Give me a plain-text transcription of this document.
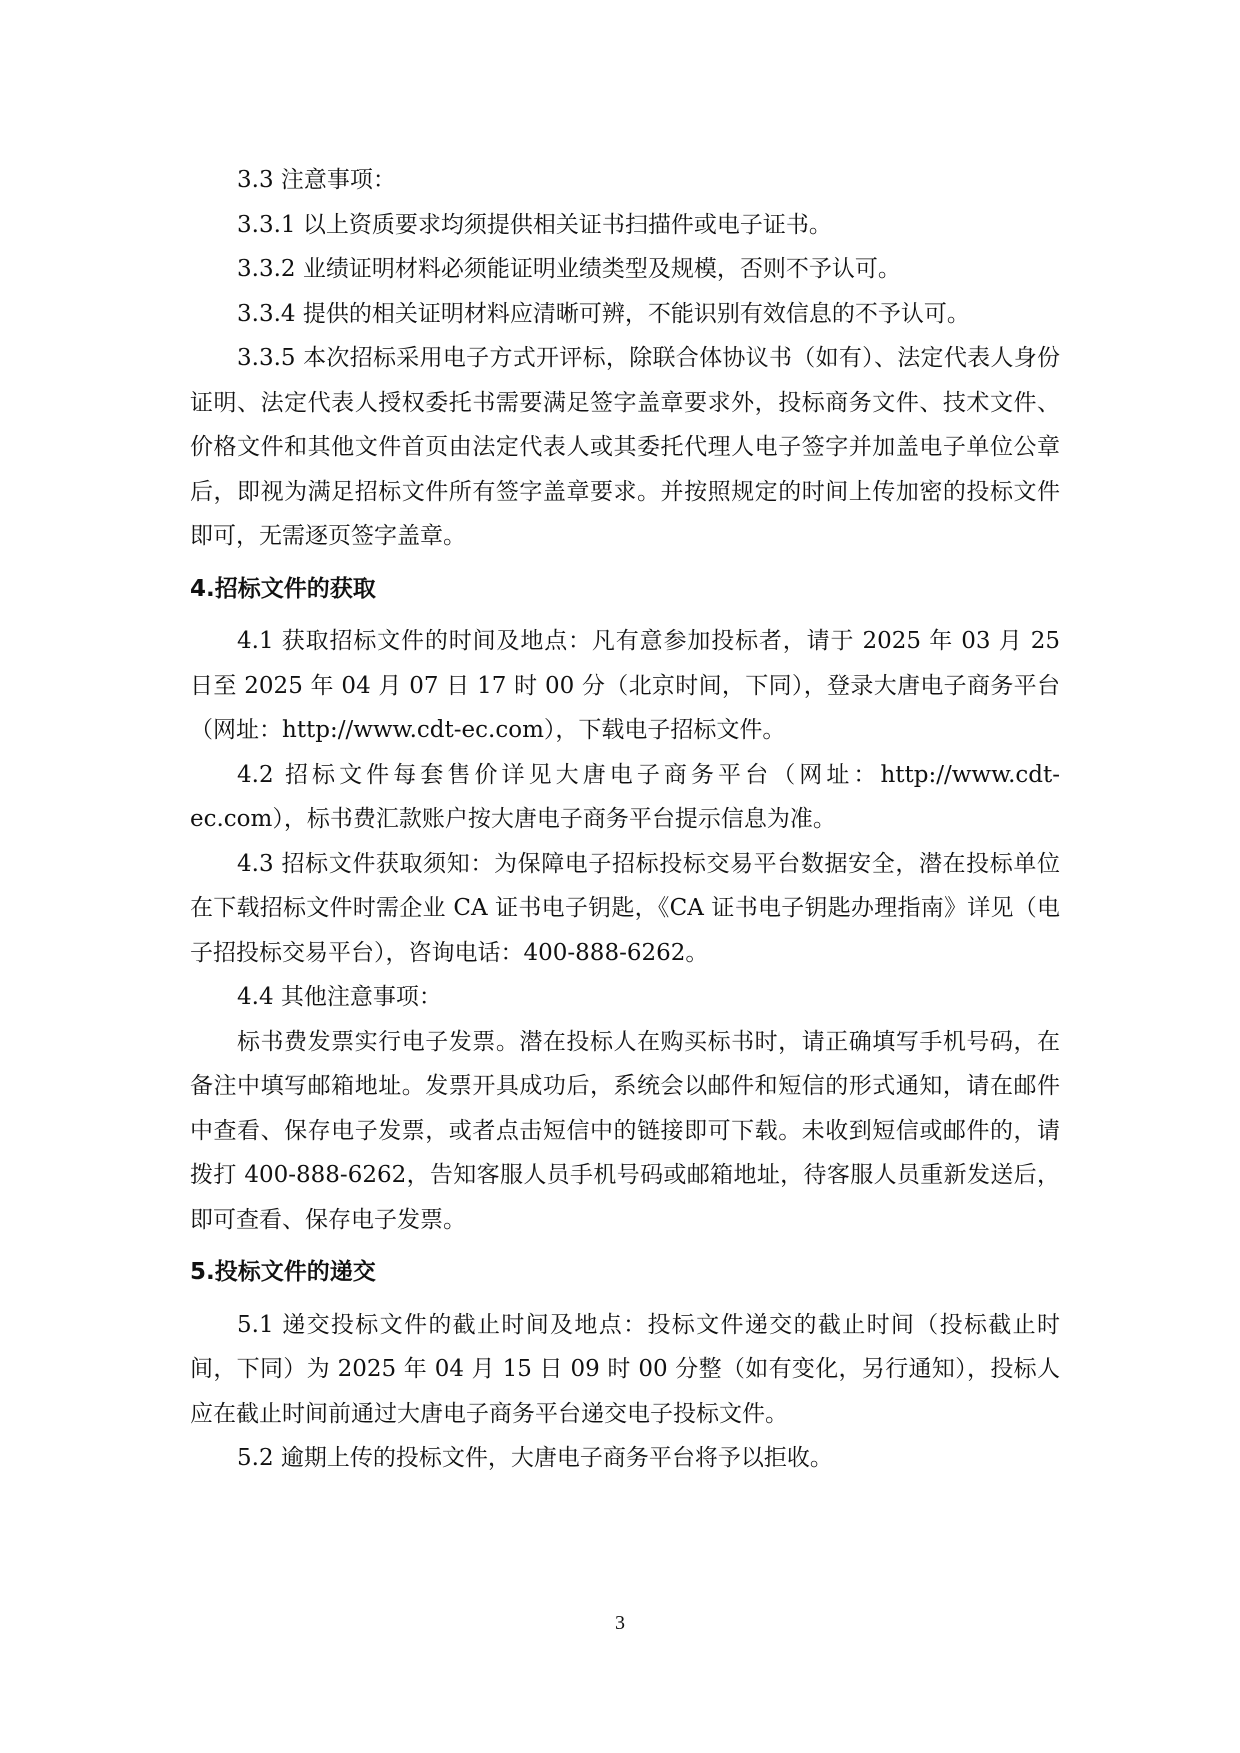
3.3 注意事项：

3.3.1 以上资质要求均须提供相关证书扫描件或电子证书。

3.3.2 业绩证明材料必须能证明业绩类型及规模，否则不予认可。

3.3.4 提供的相关证明材料应清晰可辨，不能识别有效信息的不予认可。

3.3.5 本次招标采用电子方式开评标，除联合体协议书（如有）、法定代表人身份证明、法定代表人授权委托书需要满足签字盖章要求外，投标商务文件、技术文件、价格文件和其他文件首页由法定代表人或其委托代理人电子签字并加盖电子单位公章后，即视为满足招标文件所有签字盖章要求。并按照规定的时间上传加密的投标文件即可，无需逐页签字盖章。

4.招标文件的获取

4.1 获取招标文件的时间及地点：凡有意参加投标者，请于 2025 年 03 月 25 日至 2025 年 04 月 07 日 17 时 00 分（北京时间，下同），登录大唐电子商务平台（网址：http://www.cdt-ec.com），下载电子招标文件。

4.2 招标文件每套售价详见大唐电子商务平台（网址：http://www.cdt-ec.com），标书费汇款账户按大唐电子商务平台提示信息为准。

4.3 招标文件获取须知：为保障电子招标投标交易平台数据安全，潜在投标单位在下载招标文件时需企业 CA 证书电子钥匙，《CA 证书电子钥匙办理指南》详见（电子招投标交易平台），咨询电话：400-888-6262。

4.4 其他注意事项：

标书费发票实行电子发票。潜在投标人在购买标书时，请正确填写手机号码，在备注中填写邮箱地址。发票开具成功后，系统会以邮件和短信的形式通知，请在邮件中查看、保存电子发票，或者点击短信中的链接即可下载。未收到短信或邮件的，请拨打 400-888-6262，告知客服人员手机号码或邮箱地址，待客服人员重新发送后，即可查看、保存电子发票。

5.投标文件的递交

5.1 递交投标文件的截止时间及地点：投标文件递交的截止时间（投标截止时间，下同）为 2025 年 04 月 15 日 09 时 00 分整（如有变化，另行通知），投标人应在截止时间前通过大唐电子商务平台递交电子投标文件。

5.2 逾期上传的投标文件，大唐电子商务平台将予以拒收。

3
